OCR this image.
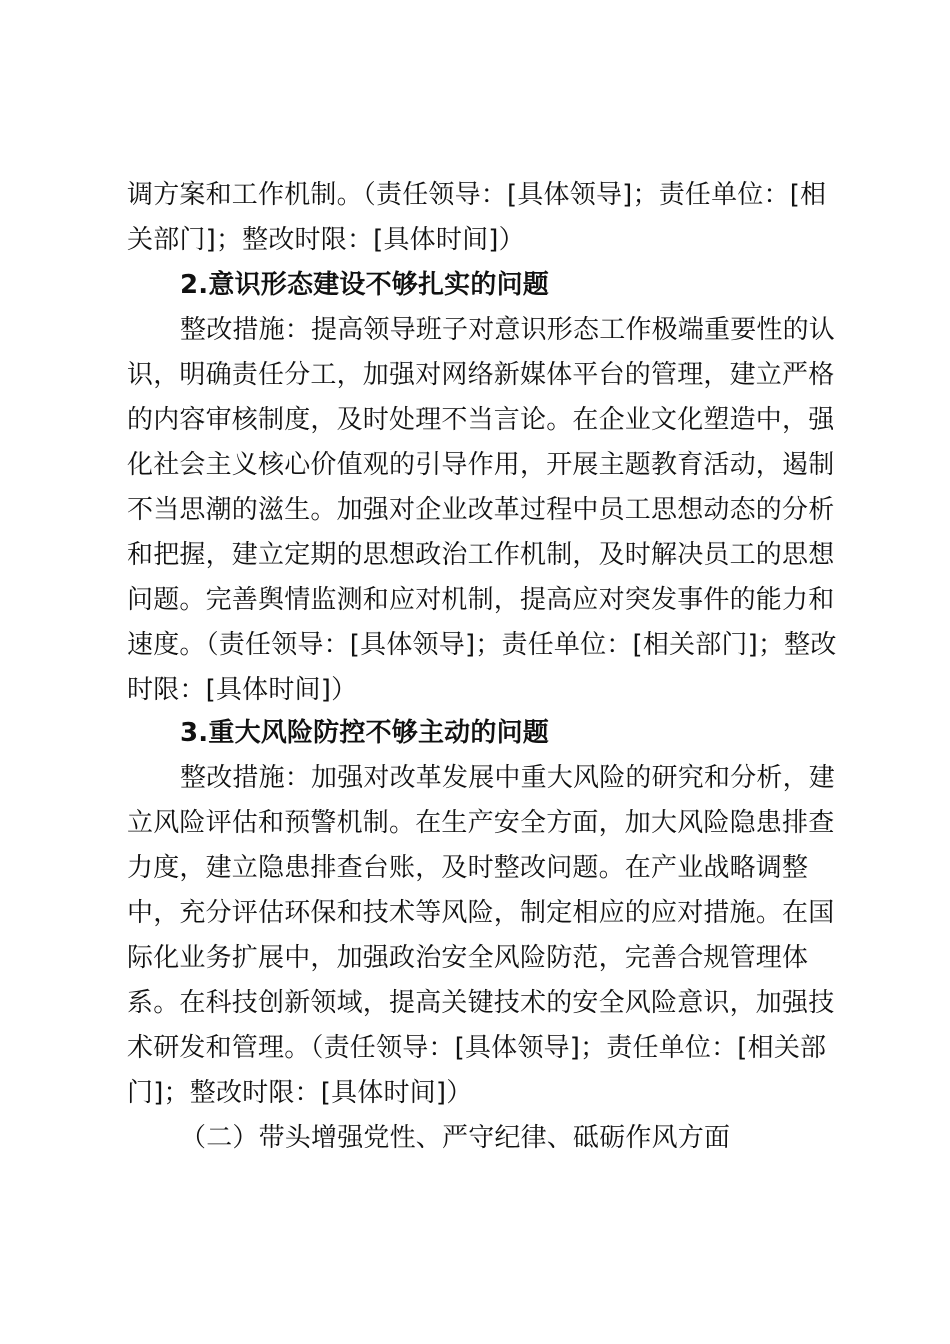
调方案和工作机制。（责任领导：[具体领导]；责任单位：[相
关部门]；整改时限：[具体时间]）
2.意识形态建设不够扎实的问题
整改措施：提高领导班子对意识形态工作极端重要性的认
识，明确责任分工，加强对网络新媒体平台的管理，建立严格
的内容审核制度，及时处理不当言论。在企业文化塑造中，强
化社会主义核心价值观的引导作用，开展主题教育活动，遏制
不当思潮的滋生。加强对企业改革过程中员工思想动态的分析
和把握，建立定期的思想政治工作机制，及时解决员工的思想
问题。完善舆情监测和应对机制，提高应对突发事件的能力和
速度。（责任领导：[具体领导]；责任单位：[相关部门]；整改
时限：[具体时间]）
3.重大风险防控不够主动的问题
整改措施：加强对改革发展中重大风险的研究和分析，建
立风险评估和预警机制。在生产安全方面，加大风险隐患排查
力度，建立隐患排查台账，及时整改问题。在产业战略调整
中，充分评估环保和技术等风险，制定相应的应对措施。在国
际化业务扩展中，加强政治安全风险防范，完善合规管理体
系。在科技创新领域，提高关键技术的安全风险意识，加强技
术研发和管理。（责任领导：[具体领导]；责任单位：[相关部
门]；整改时限：[具体时间]）
（二）带头增强党性、严守纪律、砥砺作风方面
